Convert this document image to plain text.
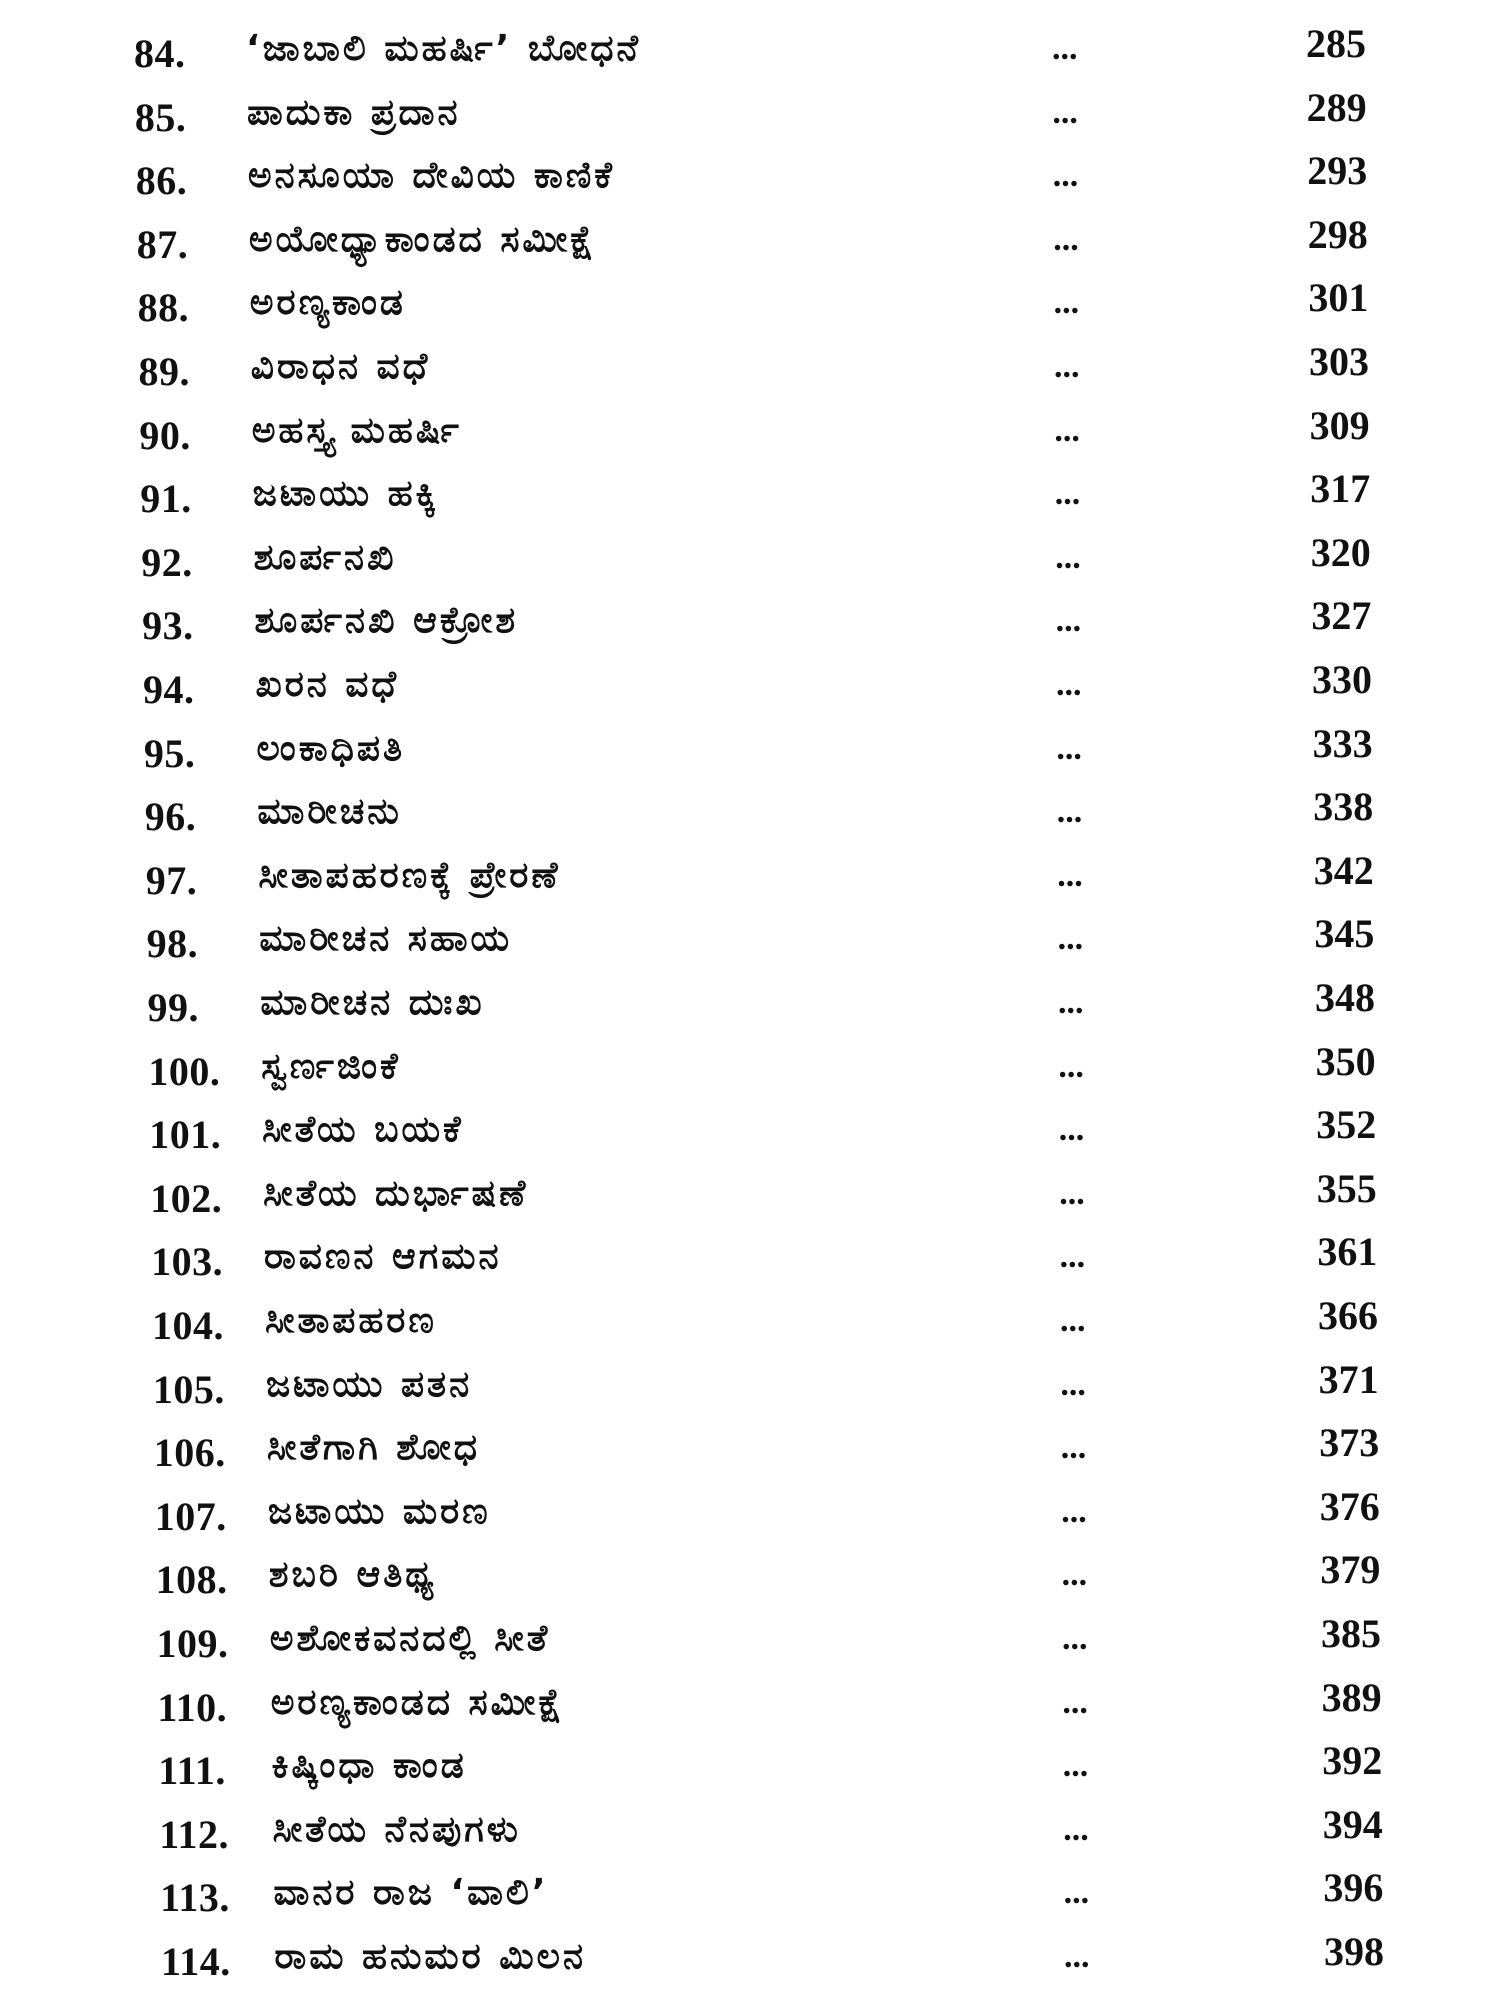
84.	‘ಜಾಬಾಲಿ ಮಹರ್ಷಿ’ ಬೋಧನೆ	...	285
85.	ಪಾದುಕಾ ಪ್ರದಾನ	...	289
86.	ಅನಸೂಯಾ ದೇವಿಯ ಕಾಣಿಕೆ	...	293
87.	ಅಯೋಧ್ಯಾಕಾಂಡದ ಸಮೀಕ್ಷೆ	...	298
88.	ಅರಣ್ಯಕಾಂಡ	...	301
89.	ವಿರಾಧನ ವಧೆ	...	303
90.	ಅಹಸ್ತ್ಯ ಮಹರ್ಷಿ	...	309
91.	ಜಟಾಯು ಹಕ್ಕಿ	...	317
92.	ಶೂರ್ಪನಖಿ	...	320
93.	ಶೂರ್ಪನಖಿ ಆಕ್ರೋಶ	...	327
94.	ಖರನ ವಧೆ	...	330
95.	ಲಂಕಾಧಿಪತಿ	...	333
96.	ಮಾರೀಚನು	...	338
97.	ಸೀತಾಪಹರಣಕ್ಕೆ ಪ್ರೇರಣೆ	...	342
98.	ಮಾರೀಚನ ಸಹಾಯ	...	345
99.	ಮಾರೀಚನ ದುಃಖ	...	348
100.	ಸ್ವರ್ಣಜಿಂಕೆ	...	350
101.	ಸೀತೆಯ ಬಯಕೆ	...	352
102.	ಸೀತೆಯ ದುರ್ಭಾಷಣೆ	...	355
103.	ರಾವಣನ ಆಗಮನ	...	361
104.	ಸೀತಾಪಹರಣ	...	366
105.	ಜಟಾಯು ಪತನ	...	371
106.	ಸೀತೆಗಾಗಿ ಶೋಧ	...	373
107.	ಜಟಾಯು ಮರಣ	...	376
108.	ಶಬರಿ ಆತಿಥ್ಯ	...	379
109.	ಅಶೋಕವನದಲ್ಲಿ ಸೀತೆ	...	385
110.	ಅರಣ್ಯಕಾಂಡದ ಸಮೀಕ್ಷೆ	...	389
111.	ಕಿಷ್ಕಿಂಧಾ ಕಾಂಡ	...	392
112.	ಸೀತೆಯ ನೆನಪುಗಳು	...	394
113.	ವಾನರ ರಾಜ ‘ವಾಲಿ’	...	396
114.	ರಾಮ ಹನುಮರ ಮಿಲನ	...	398
